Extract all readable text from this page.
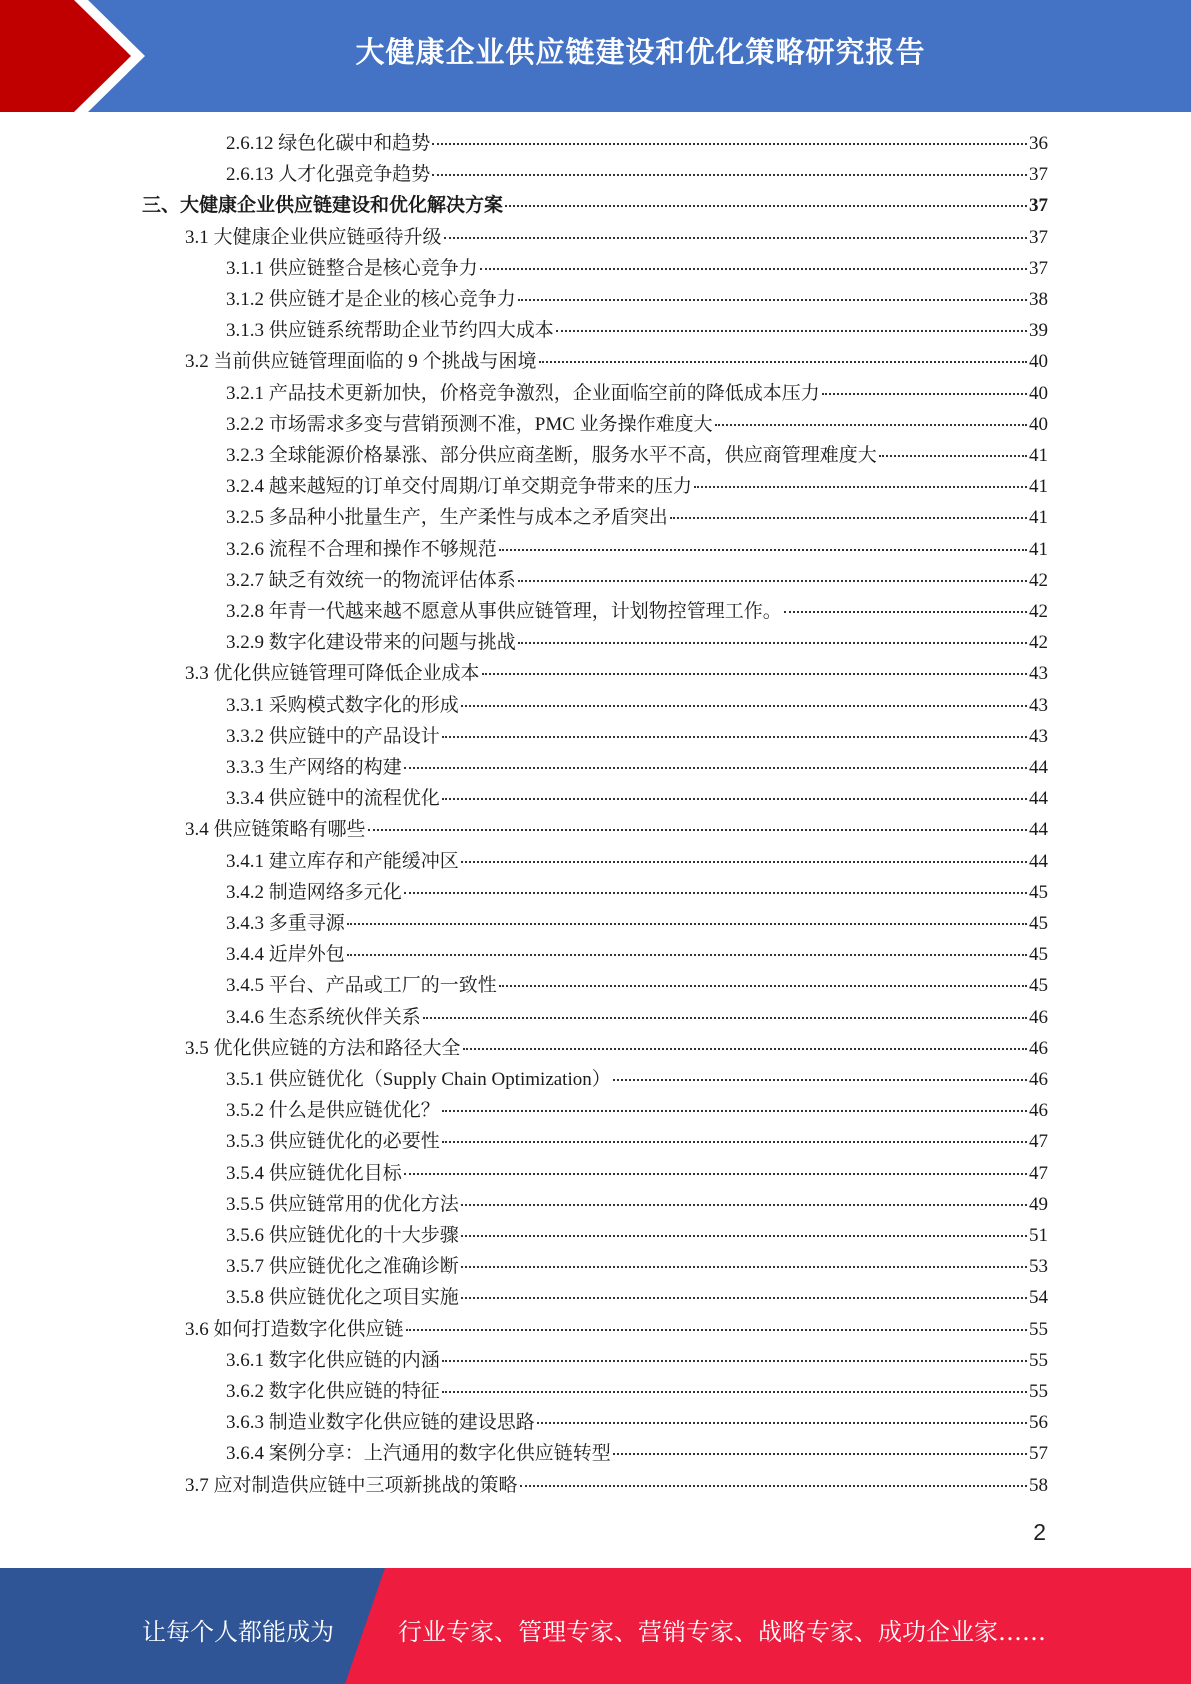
大健康企业供应链建设和优化策略研究报告
2.6.12 绿色化碳中和趋势	36
2.6.13 人才化强竞争趋势	37
三、大健康企业供应链建设和优化解决方案	37
3.1 大健康企业供应链亟待升级	37
3.1.1 供应链整合是核心竞争力	37
3.1.2 供应链才是企业的核心竞争力	38
3.1.3 供应链系统帮助企业节约四大成本	39
3.2 当前供应链管理面临的 9 个挑战与困境	40
3.2.1 产品技术更新加快，价格竞争激烈，企业面临空前的降低成本压力	40
3.2.2 市场需求多变与营销预测不准，PMC 业务操作难度大	40
3.2.3 全球能源价格暴涨、部分供应商垄断，服务水平不高，供应商管理难度大	41
3.2.4 越来越短的订单交付周期/订单交期竞争带来的压力	41
3.2.5 多品种小批量生产，生产柔性与成本之矛盾突出	41
3.2.6 流程不合理和操作不够规范	41
3.2.7 缺乏有效统一的物流评估体系	42
3.2.8 年青一代越来越不愿意从事供应链管理，计划物控管理工作。	42
3.2.9 数字化建设带来的问题与挑战	42
3.3 优化供应链管理可降低企业成本	43
3.3.1 采购模式数字化的形成	43
3.3.2 供应链中的产品设计	43
3.3.3 生产网络的构建	44
3.3.4 供应链中的流程优化	44
3.4 供应链策略有哪些	44
3.4.1 建立库存和产能缓冲区	44
3.4.2 制造网络多元化	45
3.4.3 多重寻源	45
3.4.4 近岸外包	45
3.4.5 平台、产品或工厂的一致性	45
3.4.6 生态系统伙伴关系	46
3.5 优化供应链的方法和路径大全	46
3.5.1 供应链优化（Supply Chain Optimization）	46
3.5.2 什么是供应链优化？	46
3.5.3 供应链优化的必要性	47
3.5.4 供应链优化目标	47
3.5.5 供应链常用的优化方法	49
3.5.6 供应链优化的十大步骤	51
3.5.7 供应链优化之准确诊断	53
3.5.8 供应链优化之项目实施	54
3.6 如何打造数字化供应链	55
3.6.1 数字化供应链的内涵	55
3.6.2 数字化供应链的特征	55
3.6.3 制造业数字化供应链的建设思路	56
3.6.4 案例分享：上汽通用的数字化供应链转型	57
3.7 应对制造供应链中三项新挑战的策略	58
2
让每个人都能成为	行业专家、管理专家、营销专家、战略专家、成功企业家……
